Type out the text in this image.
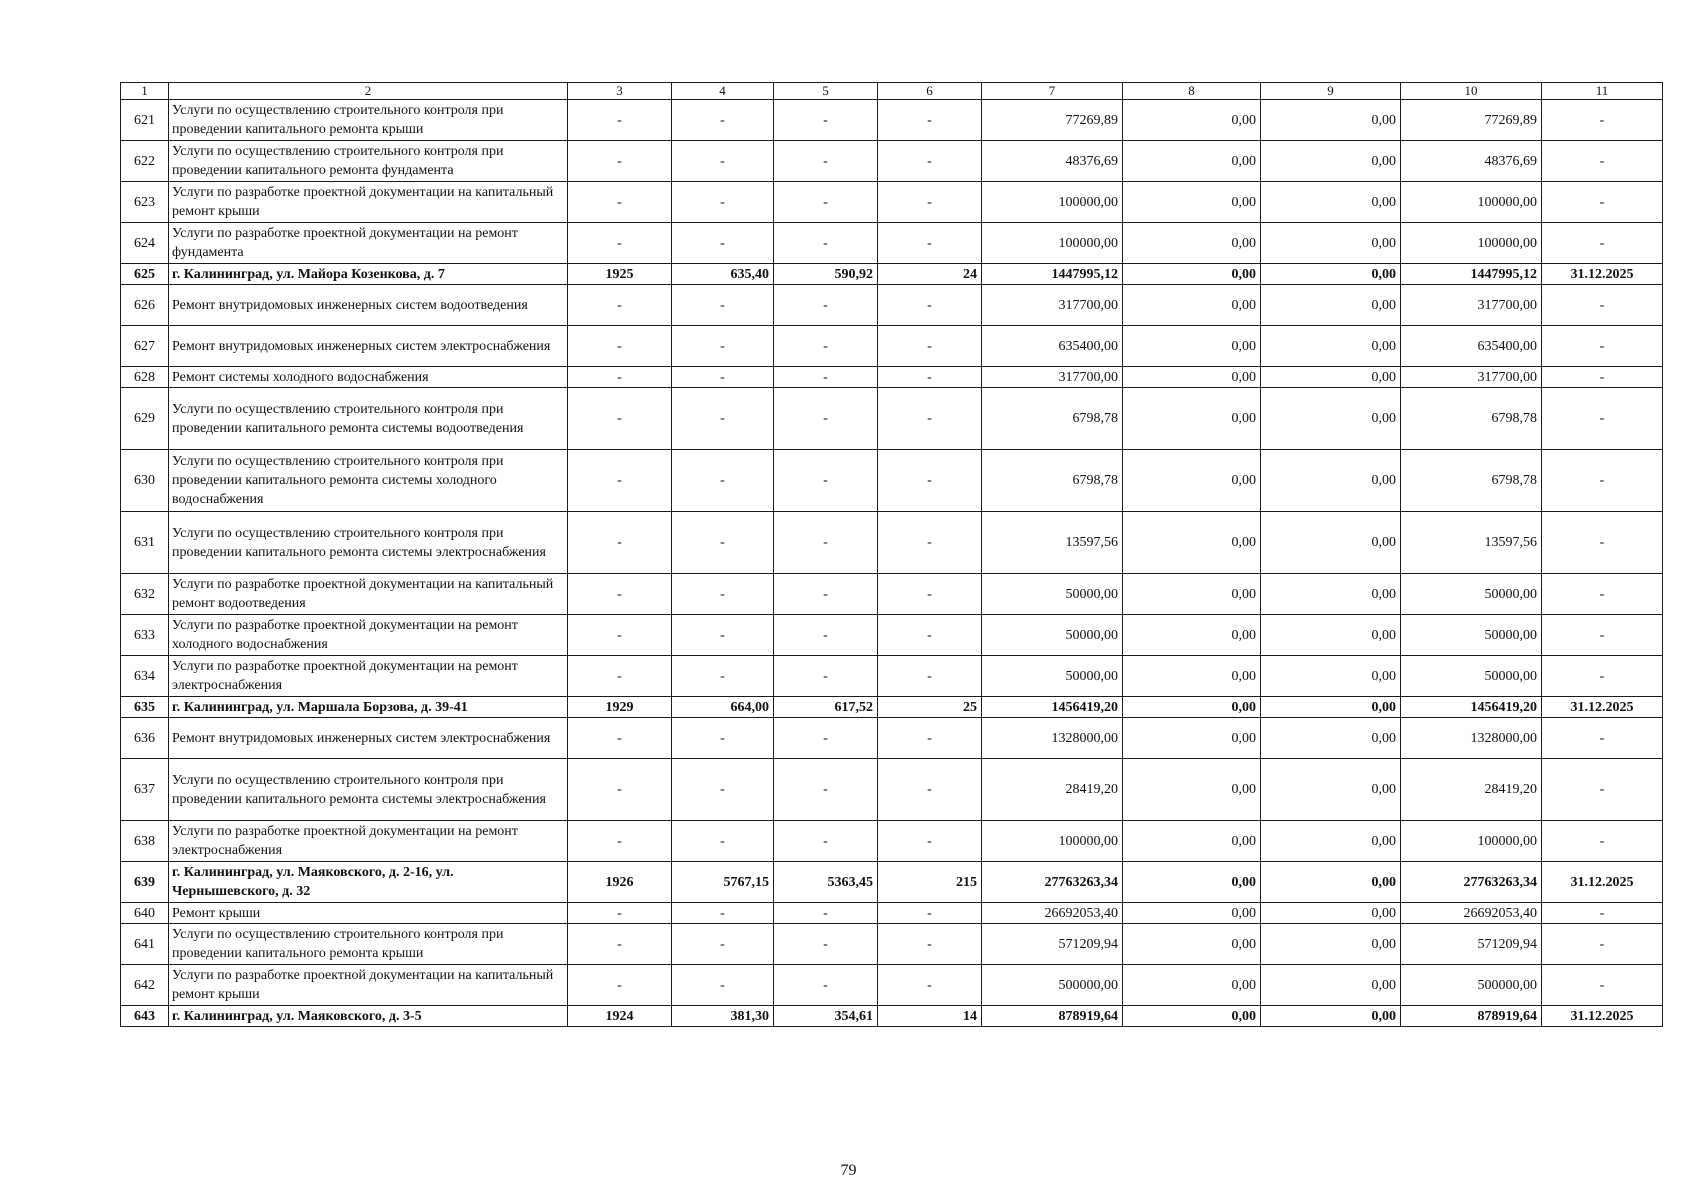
1	2	3	4	5	6	7	8	9	10	11
621	Услуги по осуществлению строительного контроля при проведении капитального ремонта крыши	-	-	-	-	77269,89	0,00	0,00	77269,89	-
622	Услуги по осуществлению строительного контроля при проведении капитального ремонта фундамента	-	-	-	-	48376,69	0,00	0,00	48376,69	-
623	Услуги по разработке проектной документации на капитальный ремонт крыши	-	-	-	-	100000,00	0,00	0,00	100000,00	-
624	Услуги по разработке проектной документации на ремонт фундамента	-	-	-	-	100000,00	0,00	0,00	100000,00	-
625	г. Калининград, ул. Майора Козенкова, д. 7	1925	635,40	590,92	24	1447995,12	0,00	0,00	1447995,12	31.12.2025
626	Ремонт внутридомовых инженерных систем водоотведения	-	-	-	-	317700,00	0,00	0,00	317700,00	-
627	Ремонт внутридомовых инженерных систем электроснабжения	-	-	-	-	635400,00	0,00	0,00	635400,00	-
628	Ремонт системы холодного водоснабжения	-	-	-	-	317700,00	0,00	0,00	317700,00	-
629	Услуги по осуществлению строительного контроля при проведении капитального ремонта системы водоотведения	-	-	-	-	6798,78	0,00	0,00	6798,78	-
630	Услуги по осуществлению строительного контроля при проведении капитального ремонта системы холодного водоснабжения	-	-	-	-	6798,78	0,00	0,00	6798,78	-
631	Услуги по осуществлению строительного контроля при проведении капитального ремонта системы электроснабжения	-	-	-	-	13597,56	0,00	0,00	13597,56	-
632	Услуги по разработке проектной документации на капитальный ремонт водоотведения	-	-	-	-	50000,00	0,00	0,00	50000,00	-
633	Услуги по разработке проектной документации на ремонт холодного водоснабжения	-	-	-	-	50000,00	0,00	0,00	50000,00	-
634	Услуги по разработке проектной документации на ремонт электроснабжения	-	-	-	-	50000,00	0,00	0,00	50000,00	-
635	г. Калининград, ул. Маршала Борзова, д. 39-41	1929	664,00	617,52	25	1456419,20	0,00	0,00	1456419,20	31.12.2025
636	Ремонт внутридомовых инженерных систем электроснабжения	-	-	-	-	1328000,00	0,00	0,00	1328000,00	-
637	Услуги по осуществлению строительного контроля при проведении капитального ремонта системы электроснабжения	-	-	-	-	28419,20	0,00	0,00	28419,20	-
638	Услуги по разработке проектной документации на ремонт электроснабжения	-	-	-	-	100000,00	0,00	0,00	100000,00	-
639	г. Калининград, ул. Маяковского, д. 2-16, ул. Чернышевского, д. 32	1926	5767,15	5363,45	215	27763263,34	0,00	0,00	27763263,34	31.12.2025
640	Ремонт крыши	-	-	-	-	26692053,40	0,00	0,00	26692053,40	-
641	Услуги по осуществлению строительного контроля при проведении капитального ремонта крыши	-	-	-	-	571209,94	0,00	0,00	571209,94	-
642	Услуги по разработке проектной документации на капитальный ремонт крыши	-	-	-	-	500000,00	0,00	0,00	500000,00	-
643	г. Калининград, ул. Маяковского, д. 3-5	1924	381,30	354,61	14	878919,64	0,00	0,00	878919,64	31.12.2025
79
